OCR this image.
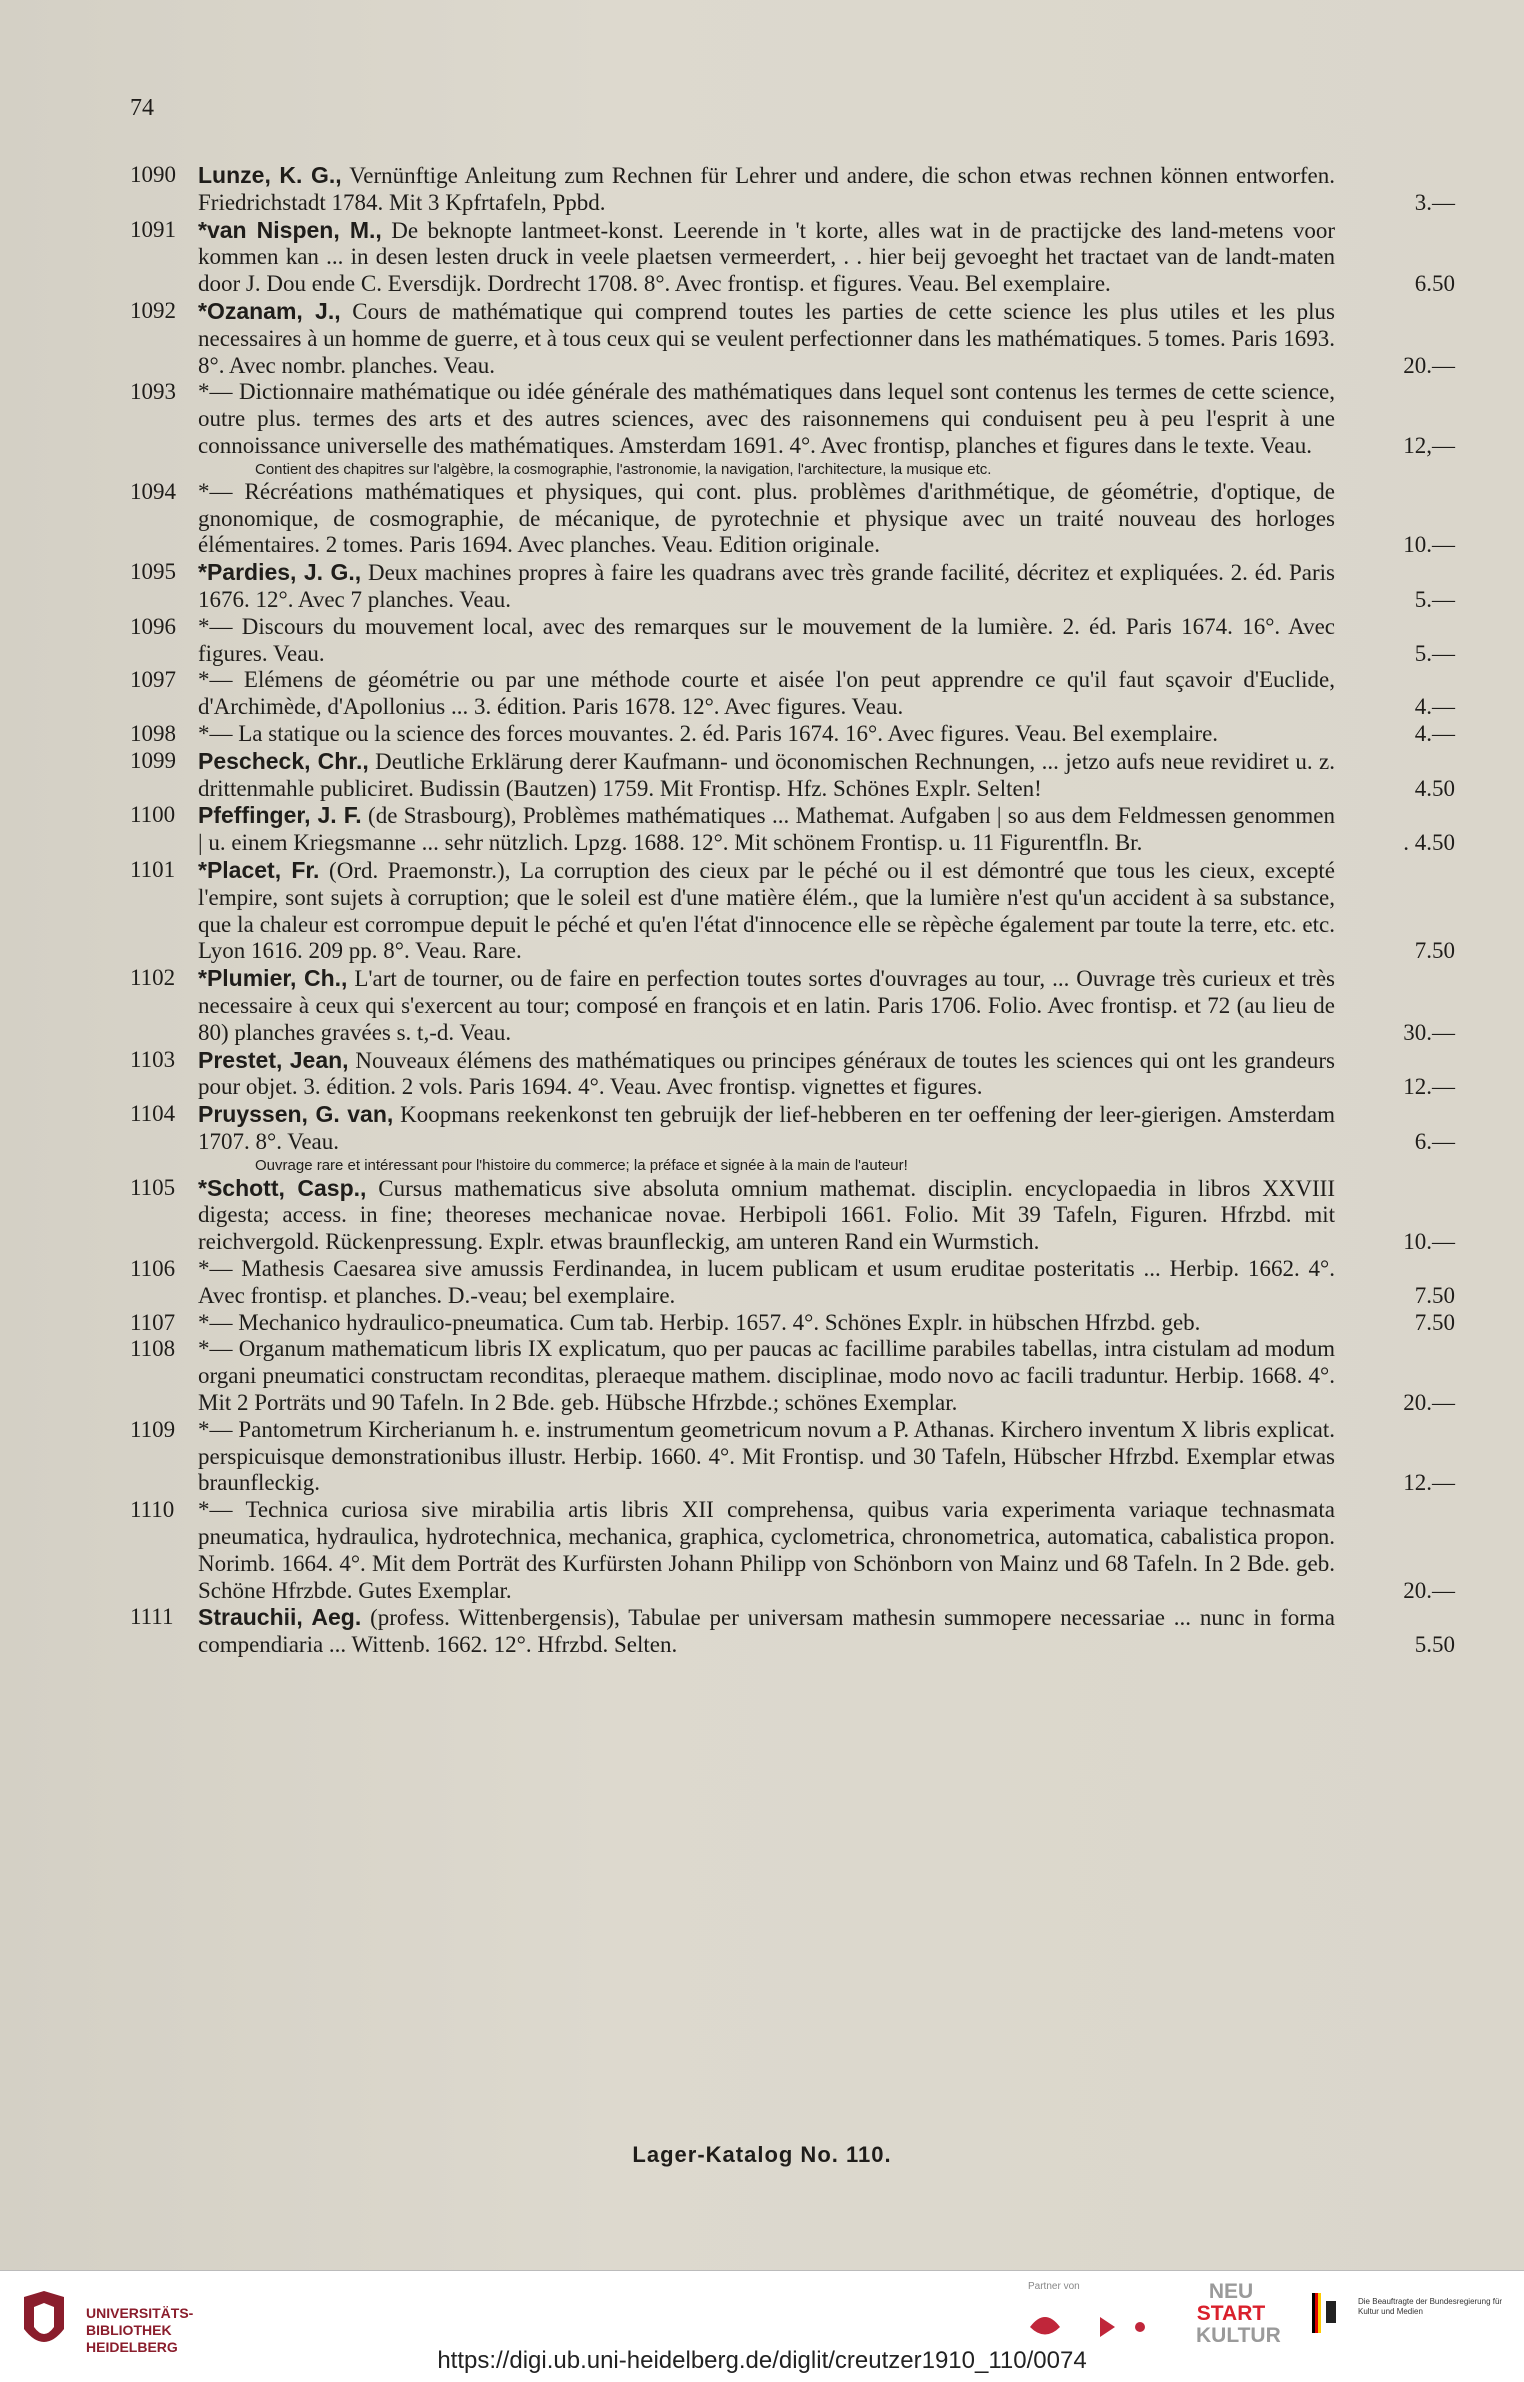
74
1090 Lunze, K. G., Vernünftige Anleitung zum Rechnen für Lehrer und andere, die schon etwas rechnen können entworfen. Friedrichstadt 1784. Mit 3 Kpfrtafeln, Ppbd.	3.—
1091 *van Nispen, M., De beknopte lantmeet-konst. Leerende in 't korte, alles wat in de practijcke des land-metens voor kommen kan ... in desen lesten druck in veele plaetsen vermeerdert, . . hier beij gevoeght het tractaet van de landt-maten door J. Dou ende C. Eversdijk. Dordrecht 1708. 8°. Avec frontisp. et figures. Veau. Bel exemplaire.	6.50
1092 *Ozanam, J., Cours de mathématique qui comprend toutes les parties de cette science les plus utiles et les plus necessaires à un homme de guerre, et à tous ceux qui se veulent perfectionner dans les mathématiques. 5 tomes. Paris 1693. 8°. Avec nombr. planches. Veau.	20.—
1093 *— Dictionnaire mathématique ou idée générale des mathématiques dans lequel sont contenus les termes de cette science, outre plus. termes des arts et des autres sciences, avec des raisonnemens qui conduisent peu à peu l'esprit à une connoissance universelle des mathématiques. Amsterdam 1691. 4°. Avec frontisp, planches et figures dans le texte. Veau.	12,—
Contient des chapitres sur l'algèbre, la cosmographie, l'astronomie, la navigation, l'architecture, la musique etc.
1094 *— Récréations mathématiques et physiques, qui cont. plus. problèmes d'arithmétique, de géométrie, d'optique, de gnonomique, de cosmographie, de mécanique, de pyrotechnie et physique avec un traité nouveau des horloges élémentaires. 2 tomes. Paris 1694. Avec planches. Veau. Edition originale.	10.—
1095 *Pardies, J. G., Deux machines propres à faire les quadrans avec très grande facilité, décritez et expliquées. 2. éd. Paris 1676. 12°. Avec 7 planches. Veau.	5.—
1096 *— Discours du mouvement local, avec des remarques sur le mouvement de la lumière. 2. éd. Paris 1674. 16°. Avec figures. Veau.	5.—
1097 *— Elémens de géométrie ou par une méthode courte et aisée l'on peut apprendre ce qu'il faut sçavoir d'Euclide, d'Archimède, d'Apollonius ... 3. édition. Paris 1678. 12°. Avec figures. Veau.	4.—
1098 *— La statique ou la science des forces mouvantes. 2. éd. Paris 1674. 16°. Avec figures. Veau. Bel exemplaire.	4.—
1099 Pescheck, Chr., Deutliche Erklärung derer Kaufmann- und öconomischen Rechnungen, ... jetzo aufs neue revidiret u. z. drittenmahle publiciret. Budissin (Bautzen) 1759. Mit Frontisp. Hfz. Schönes Explr. Selten!	4.50
1100 Pfeffinger, J. F. (de Strasbourg), Problèmes mathématiques ... Mathemat. Aufgaben | so aus dem Feldmessen genommen | u. einem Kriegsmanne ... sehr nützlich. Lpzg. 1688. 12°. Mit schönem Frontisp. u. 11 Figurentfln. Br.	. 4.50
1101 *Placet, Fr. (Ord. Praemonstr.), La corruption des cieux par le péché ou il est démontré que tous les cieux, excepté l'empire, sont sujets à corruption; que le soleil est d'une matière élém., que la lumière n'est qu'un accident à sa substance, que la chaleur est corrompue depuit le péché et qu'en l'état d'innocence elle se rèpèche également par toute la terre, etc. etc. Lyon 1616. 209 pp. 8°. Veau. Rare.	7.50
1102 *Plumier, Ch., L'art de tourner, ou de faire en perfection toutes sortes d'ouvrages au tour, ... Ouvrage très curieux et très necessaire à ceux qui s'exercent au tour; composé en françois et en latin. Paris 1706. Folio. Avec frontisp. et 72 (au lieu de 80) planches gravées s. t,-d. Veau.	30.—
1103 Prestet, Jean, Nouveaux élémens des mathématiques ou principes généraux de toutes les sciences qui ont les grandeurs pour objet. 3. édition. 2 vols. Paris 1694. 4°. Veau. Avec frontisp. vignettes et figures.	12.—
1104 Pruyssen, G. van, Koopmans reekenkonst ten gebruijk der lief-hebberen en ter oeffening der leer-gierigen. Amsterdam 1707. 8°. Veau.	6.—
Ouvrage rare et intéressant pour l'histoire du commerce; la préface et signée à la main de l'auteur!
1105 *Schott, Casp., Cursus mathematicus sive absoluta omnium mathemat. disciplin. encyclopaedia in libros XXVIII digesta; access. in fine; theoreses mechanicae novae. Herbipoli 1661. Folio. Mit 39 Tafeln, Figuren. Hfrzbd. mit reichvergold. Rückenpressung. Explr. etwas braunfleckig, am unteren Rand ein Wurmstich.	10.—
1106 *— Mathesis Caesarea sive amussis Ferdinandea, in lucem publicam et usum eruditae posteritatis ... Herbip. 1662. 4°. Avec frontisp. et planches. D.-veau; bel exemplaire.	7.50
1107 *— Mechanico hydraulico-pneumatica. Cum tab. Herbip. 1657. 4°. Schönes Explr. in hübschen Hfrzbd. geb.	7.50
1108 *— Organum mathematicum libris IX explicatum, quo per paucas ac facillime parabiles tabellas, intra cistulam ad modum organi pneumatici constructam reconditas, pleraeque mathem. disciplinae, modo novo ac facili traduntur. Herbip. 1668. 4°. Mit 2 Porträts und 90 Tafeln. In 2 Bde. geb. Hübsche Hfrzbde.; schönes Exemplar.	20.—
1109 *— Pantometrum Kircherianum h. e. instrumentum geometricum novum a P. Athanas. Kirchero inventum X libris explicat. perspicuisque demonstrationibus illustr. Herbip. 1660. 4°. Mit Frontisp. und 30 Tafeln, Hübscher Hfrzbd. Exemplar etwas braunfleckig.	12.—
1110	*— Technica curiosa sive mirabilia artis libris XII comprehensa, quibus varia experimenta variaque technasmata pneumatica, hydraulica, hydrotechnica, mechanica, graphica, cyclometrica, chronometrica, automatica, cabalistica propon. Norimb. 1664. 4°. Mit dem Porträt des Kurfürsten Johann Philipp von Schönborn von Mainz und 68 Tafeln. In 2 Bde. geb. Schöne Hfrzbde. Gutes Exemplar.	20.—
1111	Strauchii, Aeg. (profess. Wittenbergensis), Tabulae per universam mathesin summopere necessariae ... nunc in forma compendiaria ... Wittenb. 1662. 12°. Hfrzbd. Selten.	5.50
Lager-Katalog No. 110.
UNIVERSITÄTS-
BIBLIOTHEK
HEIDELBERG	https://digi.ub.uni-heidelberg.de/diglit/creutzer1910_110/0074
Partner von	NEU
START
KULTUR
Die Beauftragte der Bundesregierung für Kultur und Medien
